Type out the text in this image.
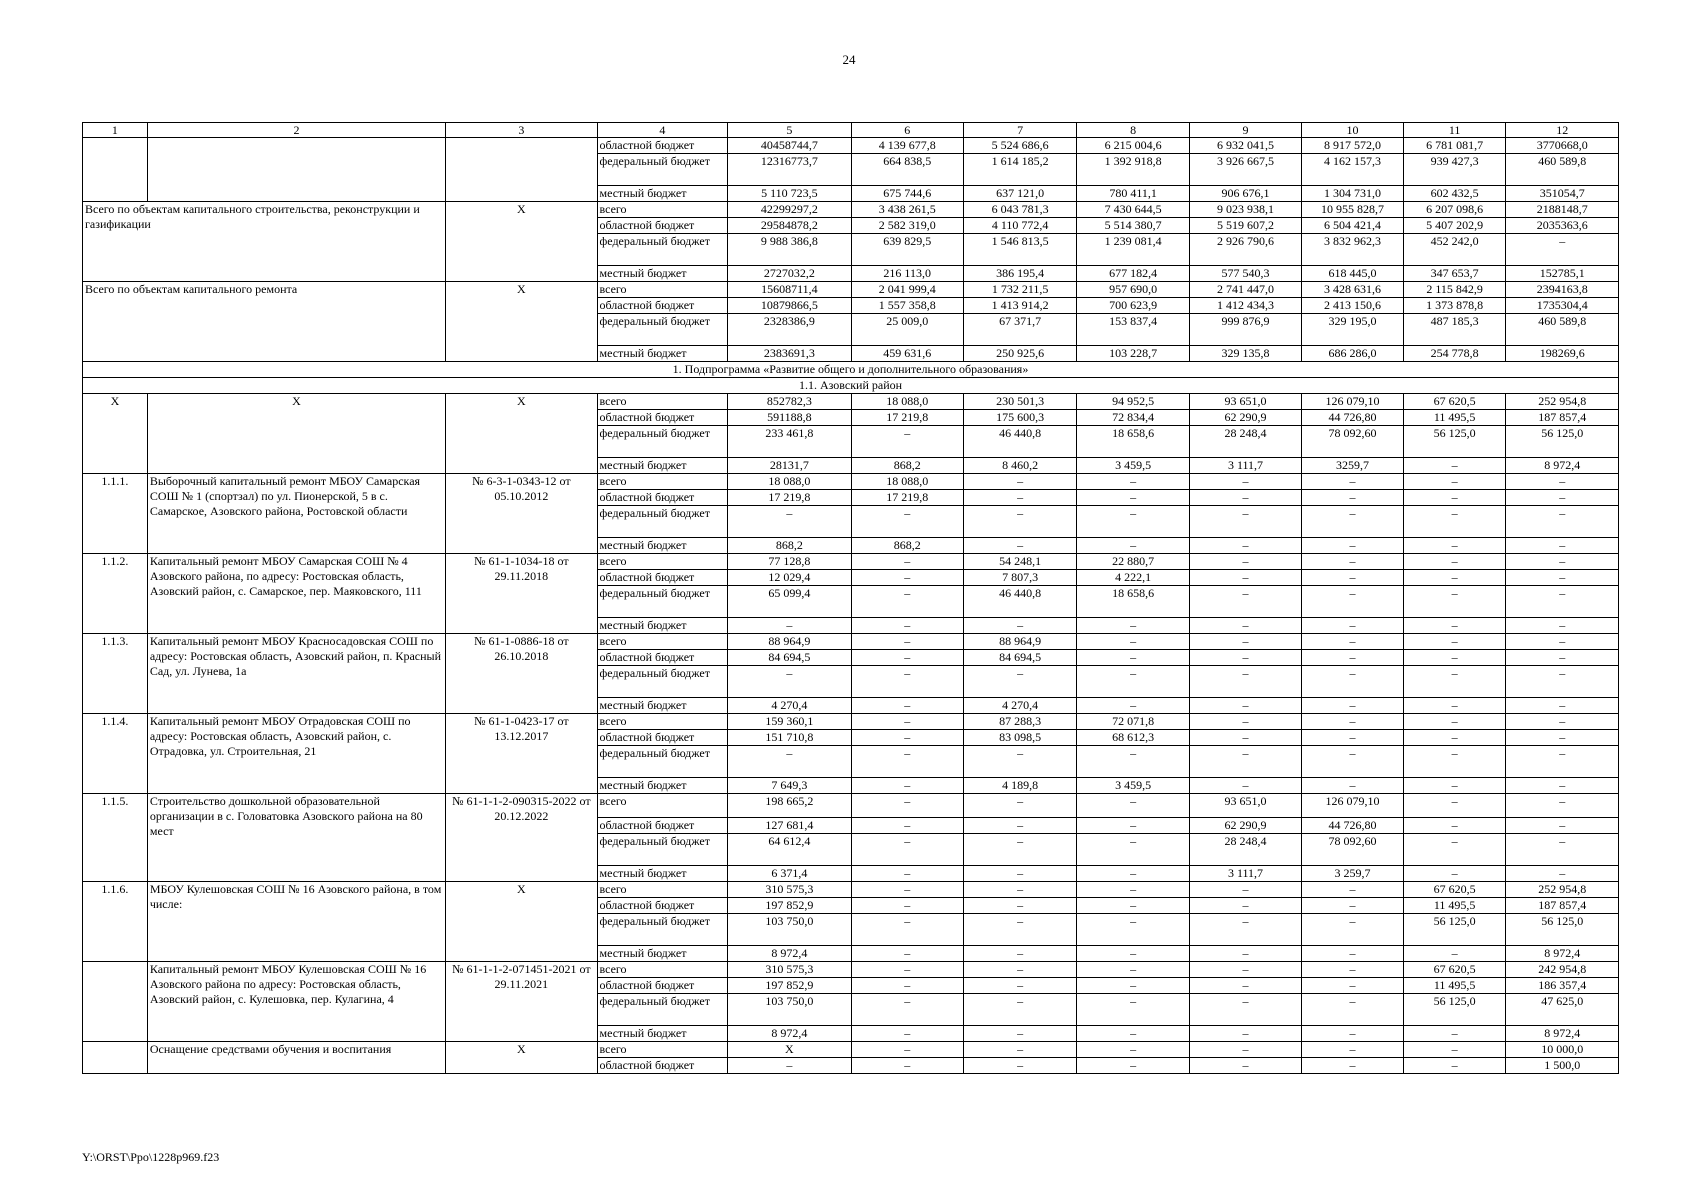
24
1	2	3	4	5	6	7	8	9	10	11	12
			областной бюджет	40458744,7	4 139 677,8	5 524 686,6	6 215 004,6	6 932 041,5	8 917 572,0	6 781 081,7	3770668,0
			федеральный бюджет	12316773,7	664 838,5	1 614 185,2	1 392 918,8	3 926 667,5	4 162 157,3	939 427,3	460 589,8
			местный бюджет	5 110 723,5	675 744,6	637 121,0	780 411,1	906 676,1	1 304 731,0	602 432,5	351054,7
Всего по объектам капитального строительства, реконструкции и газификации		X	всего	42299297,2	3 438 261,5	6 043 781,3	7 430 644,5	9 023 938,1	10 955 828,7	6 207 098,6	2188148,7
			областной бюджет	29584878,2	2 582 319,0	4 110 772,4	5 514 380,7	5 519 607,2	6 504 421,4	5 407 202,9	2035363,6
			федеральный бюджет	9 988 386,8	639 829,5	1 546 813,5	1 239 081,4	2 926 790,6	3 832 962,3	452 242,0	–
			местный бюджет	2727032,2	216 113,0	386 195,4	677 182,4	577 540,3	618 445,0	347 653,7	152785,1
Всего по объектам капитального ремонта		X	всего	15608711,4	2 041 999,4	1 732 211,5	957 690,0	2 741 447,0	3 428 631,6	2 115 842,9	2394163,8
			областной бюджет	10879866,5	1 557 358,8	1 413 914,2	700 623,9	1 412 434,3	2 413 150,6	1 373 878,8	1735304,4
			федеральный бюджет	2328386,9	25 009,0	67 371,7	153 837,4	999 876,9	329 195,0	487 185,3	460 589,8
			местный бюджет	2383691,3	459 631,6	250 925,6	103 228,7	329 135,8	686 286,0	254 778,8	198269,6
1. Подпрограмма «Развитие общего и дополнительного образования»											
1.1. Азовский район											
X	X	X	всего	852782,3	18 088,0	230 501,3	94 952,5	93 651,0	126 079,10	67 620,5	252 954,8
			областной бюджет	591188,8	17 219,8	175 600,3	72 834,4	62 290,9	44 726,80	11 495,5	187 857,4
			федеральный бюджет	233 461,8	–	46 440,8	18 658,6	28 248,4	78 092,60	56 125,0	56 125,0
			местный бюджет	28131,7	868,2	8 460,2	3 459,5	3 111,7	3259,7	–	8 972,4
1.1.1.	Выборочный капитальный ремонт МБОУ Самарская СОШ № 1 (спортзал) по ул. Пионерской, 5 в с. Самарское, Азовского района, Ростовской области	№ 6-3-1-0343-12 от 05.10.2012	всего	18 088,0	18 088,0	–	–	–	–	–	–
			областной бюджет	17 219,8	17 219,8	–	–	–	–	–	–
			федеральный бюджет	–	–	–	–	–	–	–	–
			местный бюджет	868,2	868,2	–	–	–	–	–	–
1.1.2.	Капитальный ремонт МБОУ Самарская СОШ № 4 Азовского района, по адресу: Ростовская область, Азовский район, с. Самарское, пер. Маяковского, 111	№ 61-1-1034-18 от 29.11.2018	всего	77 128,8	–	54 248,1	22 880,7	–	–	–	–
			областной бюджет	12 029,4	–	7 807,3	4 222,1	–	–	–	–
			федеральный бюджет	65 099,4	–	46 440,8	18 658,6	–	–	–	–
			местный бюджет	–	–	–	–	–	–	–	–
1.1.3.	Капитальный ремонт МБОУ Красносадовская СОШ по адресу: Ростовская область, Азовский район, п. Красный Сад, ул. Лунева, 1а	№ 61-1-0886-18 от 26.10.2018	всего	88 964,9	–	88 964,9	–	–	–	–	–
			областной бюджет	84 694,5	–	84 694,5	–	–	–	–	–
			федеральный бюджет	–	–	–	–	–	–	–	–
			местный бюджет	4 270,4	–	4 270,4	–	–	–	–	–
1.1.4.	Капитальный ремонт МБОУ Отрадовская СОШ по адресу: Ростовская область, Азовский район, с. Отрадовка, ул. Строительная, 21	№ 61-1-0423-17 от 13.12.2017	всего	159 360,1	–	87 288,3	72 071,8	–	–	–	–
			областной бюджет	151 710,8	–	83 098,5	68 612,3	–	–	–	–
			федеральный бюджет	–	–	–	–	–	–	–	–
			местный бюджет	7 649,3	–	4 189,8	3 459,5	–	–	–	–
1.1.5.	Строительство дошкольной образовательной организации в с. Головатовка Азовского района на 80 мест	№ 61-1-1-2-090315-2022 от 20.12.2022	всего	198 665,2	–	–	–	93 651,0	126 079,10	–	–
			областной бюджет	127 681,4	–	–	–	62 290,9	44 726,80	–	–
			федеральный бюджет	64 612,4	–	–	–	28 248,4	78 092,60	–	–
			местный бюджет	6 371,4	–	–	–	3 111,7	3 259,7	–	–
1.1.6.	МБОУ Кулешовская СОШ № 16 Азовского района, в том числе:	X	всего	310 575,3	–	–	–	–	–	67 620,5	252 954,8
			областной бюджет	197 852,9	–	–	–	–	–	11 495,5	187 857,4
			федеральный бюджет	103 750,0	–	–	–	–	–	56 125,0	56 125,0
			местный бюджет	8 972,4	–	–	–	–	–	–	8 972,4
	Капитальный ремонт МБОУ Кулешовская СОШ № 16 Азовского района по адресу: Ростовская область, Азовский район, с. Кулешовка, пер. Кулагина, 4	№ 61-1-1-2-071451-2021 от 29.11.2021	всего	310 575,3	–	–	–	–	–	67 620,5	242 954,8
			областной бюджет	197 852,9	–	–	–	–	–	11 495,5	186 357,4
			федеральный бюджет	103 750,0	–	–	–	–	–	56 125,0	47 625,0
			местный бюджет	8 972,4	–	–	–	–	–	–	8 972,4
	Оснащение средствами обучения и воспитания	X	всего	X	–	–	–	–	–	–	10 000,0
			областной бюджет	–	–	–	–	–	–	–	1 500,0
Y:\ORST\Ppo\1228p969.f23
